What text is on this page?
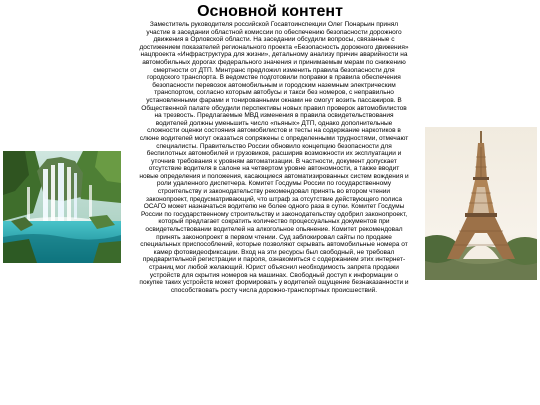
Основной контент

Заместитель руководителя российской Госавтоинспекции Олег Понарьин принял участие в заседании областной комиссии по обеспечению безопасности дорожного движения в Орловской области. На заседании обсудили вопросы, связанные с достижением показателей регионального проекта «Безопасность дорожного движения» нацпроекта «Инфраструктура для жизни», детальному анализу причин аварийности на автомобильных дорогах федерального значения и принимаемым мерам по снижению смертности от ДТП. Минтранс предложил изменить правила безопасности для городского транспорта. В ведомстве подготовили поправки в правила обеспечения безопасности перевозок автомобильным и городским наземным электрическим транспортом, согласно которым автобусы и такси без номеров, с неправильно установленными фарами и тонированными окнами не смогут возить пассажиров. В Общественной палате обсудили перспективы новых правил проверок автомобилистов на трезвость. Предлагаемые МВД изменения в правила освидетельствования водителей должны уменьшить число «пьяных» ДТП, однако дополнительные сложности оценки состояния автомобилистов и тесты на содержание наркотиков в слюне водителей могут оказаться сопряжены с определенными трудностями, отмечают специалисты. Правительство России обновило концепцию безопасности для беспилотных автомобилей и грузовиков, расширив возможности их эксплуатации и уточнив требования к уровням автоматизации. В частности, документ допускает отсутствие водителя в салоне на четвертом уровне автономности, а также вводит новые определения и положения, касающиеся автоматизированных систем вождения и роли удаленного диспетчера. Комитет Госдумы России по государственному строительству и законодательству рекомендовал принять во втором чтении законопроект, предусматривающий, что штраф за отсутствие действующего полиса ОСАГО может назначаться водителю не более одного раза в сутки. Комитет Госдумы России по государственному строительству и законодательству одобрил законопроект, который предлагает сократить количество процессуальных документов при освидетельствовании водителей на алкогольное опьянение. Комитет рекомендовал принять законопроект в первом чтении. Суд заблокировал сайты по продаже специальных приспособлений, которые позволяют скрывать автомобильные номера от камер фотовидеофиксации. Вход на эти ресурсы был свободный, не требовал предварительной регистрации и пароля, ознакомиться с содержанием этих интернет-страниц мог любой желающий. Юрист объяснил необходимость запрета продажи устройств для скрытия номеров на машинах. Свободный доступ к информации о покупке таких устройств может формировать у водителей ощущение безнаказанности и способствовать росту числа дорожно-транспортных происшествий.
